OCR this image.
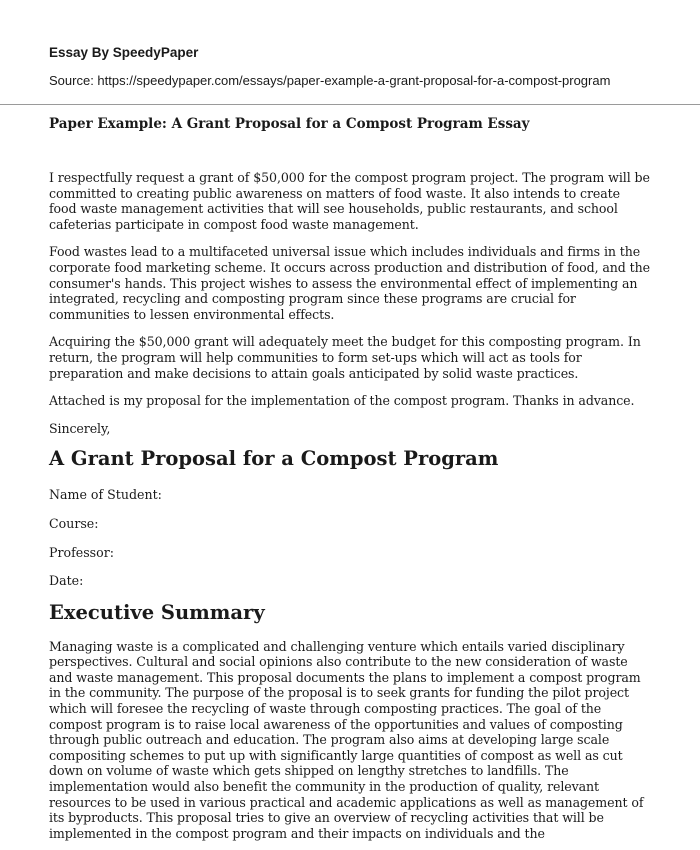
Essay By SpeedyPaper

Source: https://speedypaper.com/essays/paper-example-a-grant-proposal-for-a-compost-program

Paper Example: A Grant Proposal for a Compost Program Essay

I respectfully request a grant of $50,000 for the compost program project. The program will be committed to creating public awareness on matters of food waste. It also intends to create food waste management activities that will see households, public restaurants, and school cafeterias participate in compost food waste management.

Food wastes lead to a multifaceted universal issue which includes individuals and firms in the corporate food marketing scheme. It occurs across production and distribution of food, and the consumer's hands. This project wishes to assess the environmental effect of implementing an integrated, recycling and composting program since these programs are crucial for communities to lessen environmental effects.

Acquiring the $50,000 grant will adequately meet the budget for this composting program. In return, the program will help communities to form set-ups which will act as tools for preparation and make decisions to attain goals anticipated by solid waste practices.

Attached is my proposal for the implementation of the compost program. Thanks in advance.

Sincerely,

A Grant Proposal for a Compost Program

Name of Student:

Course:

Professor:

Date:

Executive Summary

Managing waste is a complicated and challenging venture which entails varied disciplinary perspectives. Cultural and social opinions also contribute to the new consideration of waste and waste management. This proposal documents the plans to implement a compost program in the community. The purpose of the proposal is to seek grants for funding the pilot project which will foresee the recycling of waste through composting practices. The goal of the compost program is to raise local awareness of the opportunities and values of composting through public outreach and education. The program also aims at developing large scale compositing schemes to put up with significantly large quantities of compost as well as cut down on volume of waste which gets shipped on lengthy stretches to landfills. The implementation would also benefit the community in the production of quality, relevant resources to be used in various practical and academic applications as well as management of its byproducts. This proposal tries to give an overview of recycling activities that will be implemented in the compost program and their impacts on individuals and the
